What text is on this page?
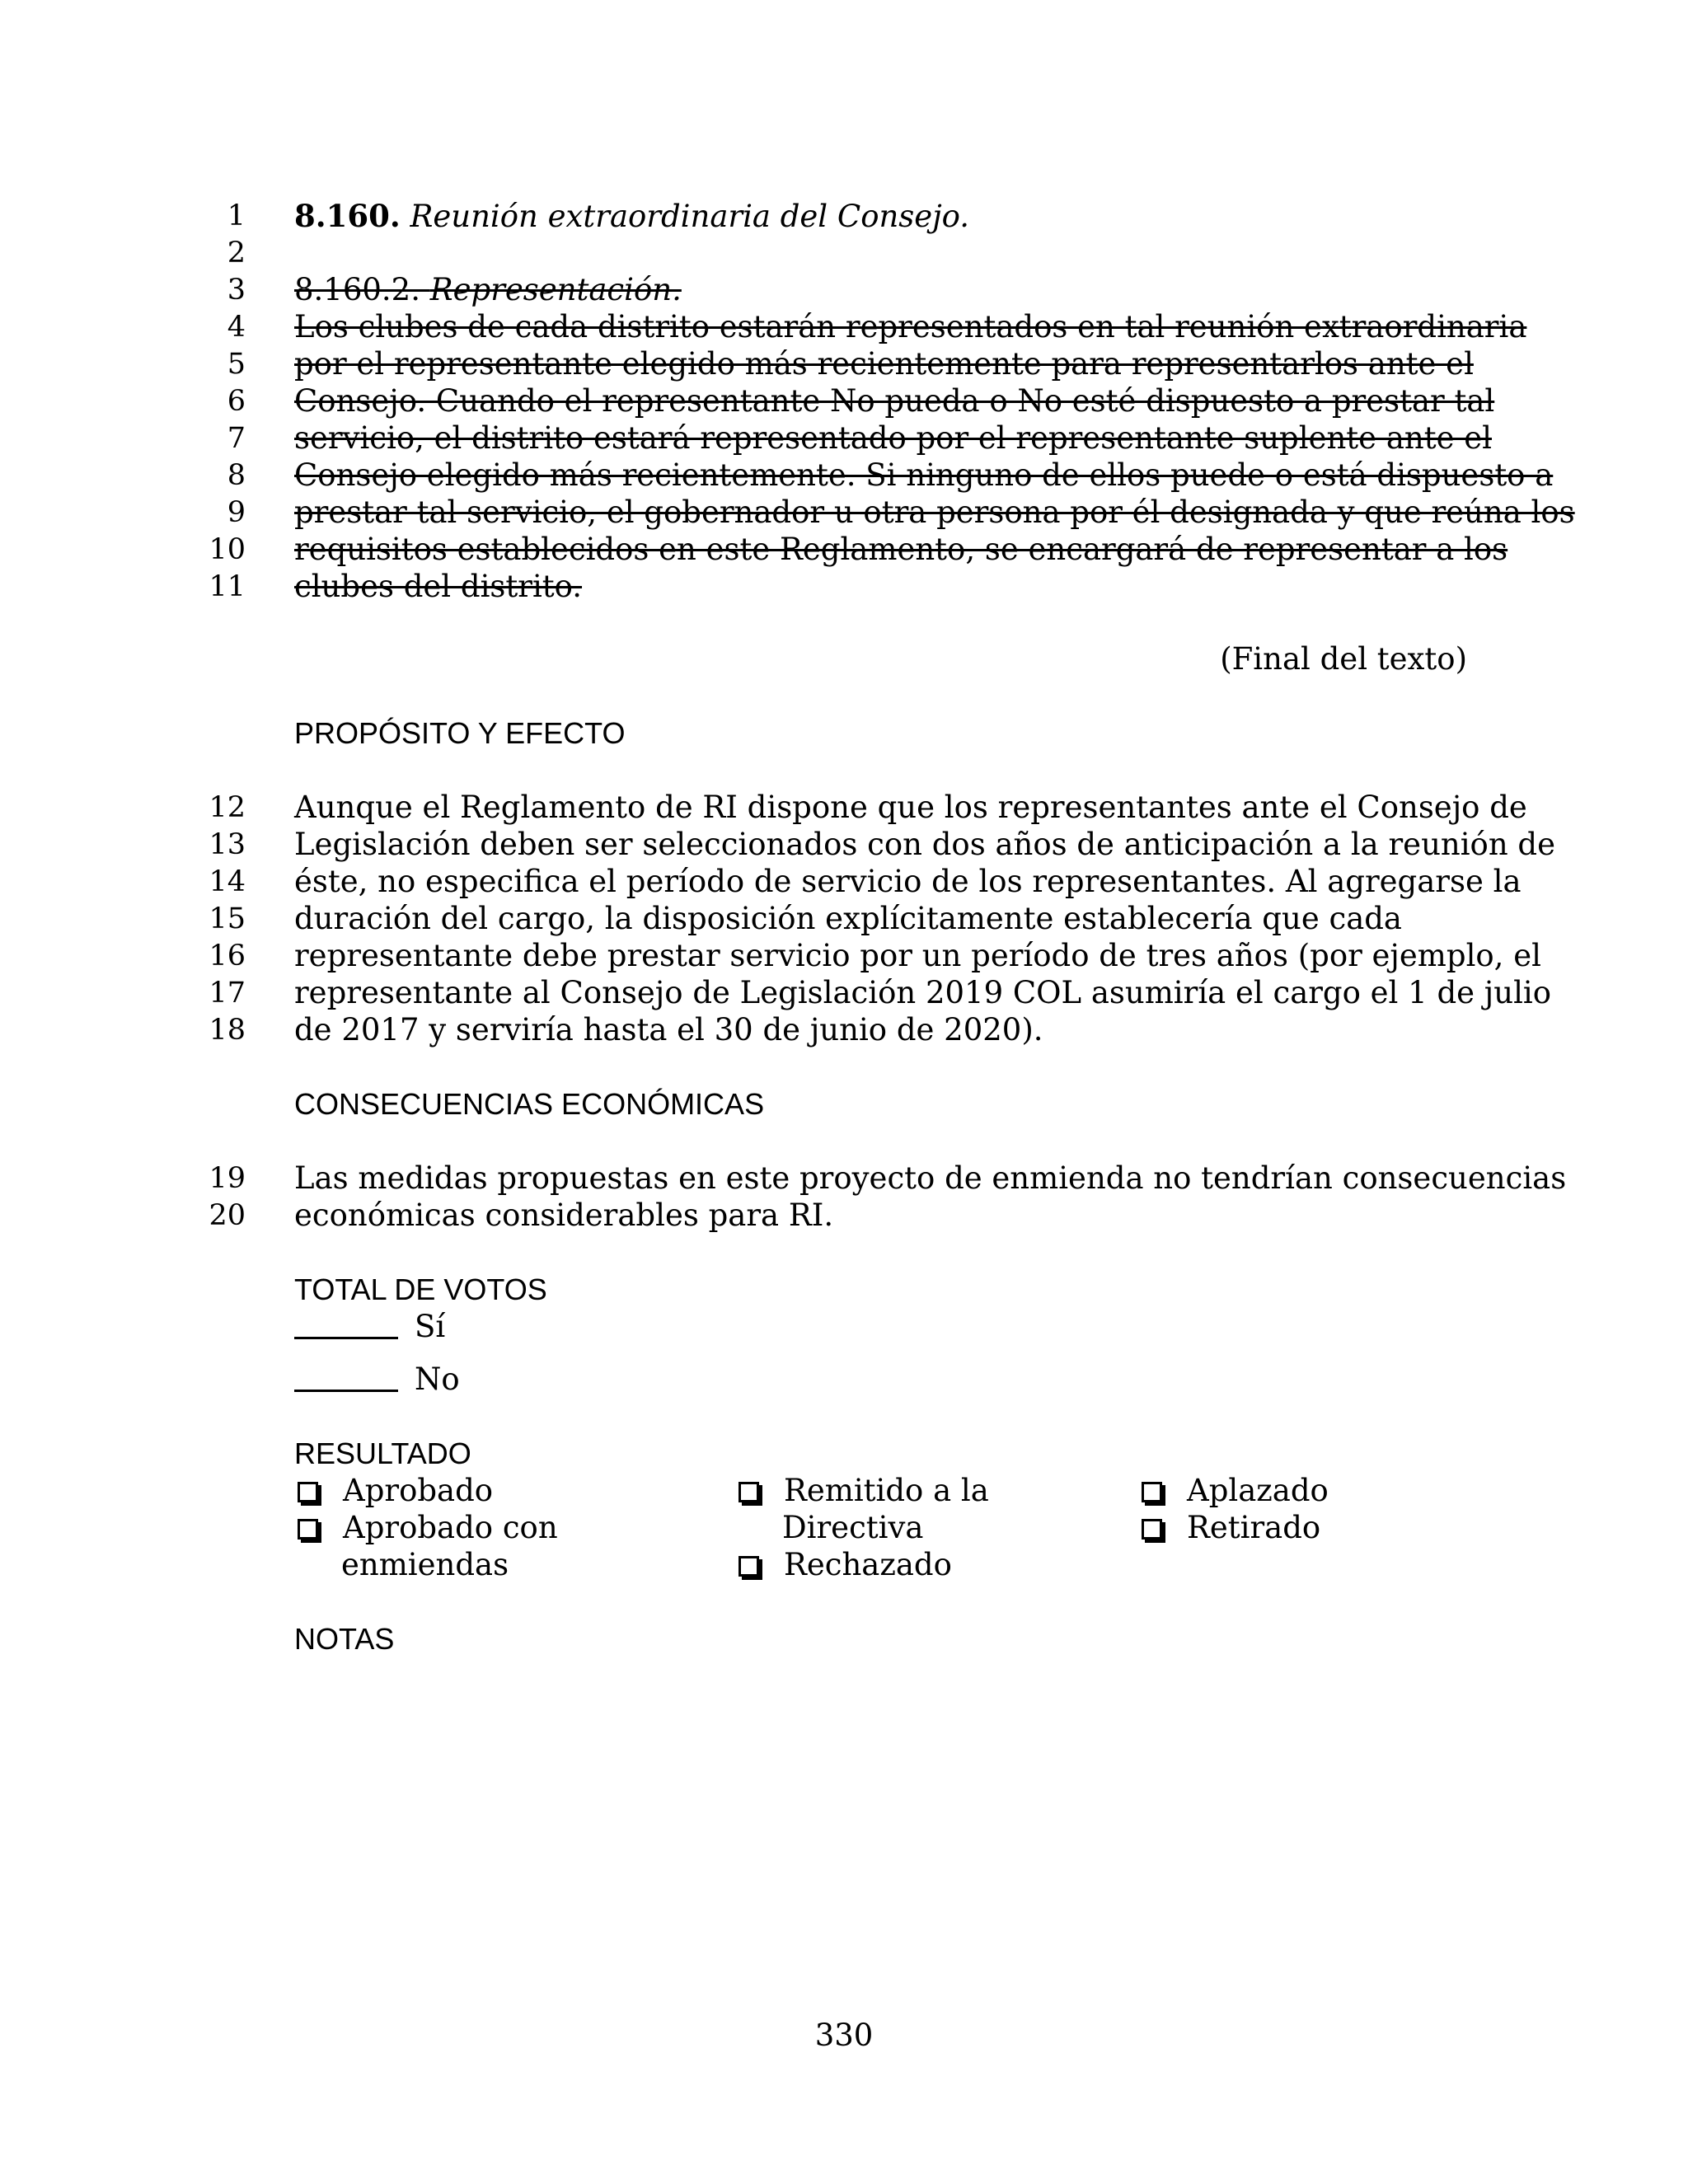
1 8.160. Reunión extraordinaria del Consejo.
2
3 8.160.2. Representación.
4 Los clubes de cada distrito estarán representados en tal reunión extraordinaria
5 por el representante elegido más recientemente para representarlos ante el
6 Consejo. Cuando el representante No pueda o No esté dispuesto a prestar tal
7 servicio, el distrito estará representado por el representante suplente ante el
8 Consejo elegido más recientemente. Si ninguno de ellos puede o está dispuesto a
9 prestar tal servicio, el gobernador u otra persona por él designada y que reúna los
10 requisitos establecidos en este Reglamento, se encargará de representar a los
11 clubes del distrito.
(Final del texto)
PROPÓSITO Y EFECTO
12 Aunque el Reglamento de RI dispone que los representantes ante el Consejo de
13 Legislación deben ser seleccionados con dos años de anticipación a la reunión de
14 éste, no especifica el período de servicio de los representantes. Al agregarse la
15 duración del cargo, la disposición explícitamente establecería que cada
16 representante debe prestar servicio por un período de tres años (por ejemplo, el
17 representante al Consejo de Legislación 2019 COL asumiría el cargo el 1 de julio
18 de 2017 y serviría hasta el 30 de junio de 2020).
CONSECUENCIAS ECONÓMICAS
19 Las medidas propuestas en este proyecto de enmienda no tendrían consecuencias
20 económicas considerables para RI.
TOTAL DE VOTOS
Sí
No
RESULTADO
Aprobado
Aprobado con
enmiendas
Remitido a la
Directiva
Rechazado
Aplazado
Retirado
NOTAS
330
